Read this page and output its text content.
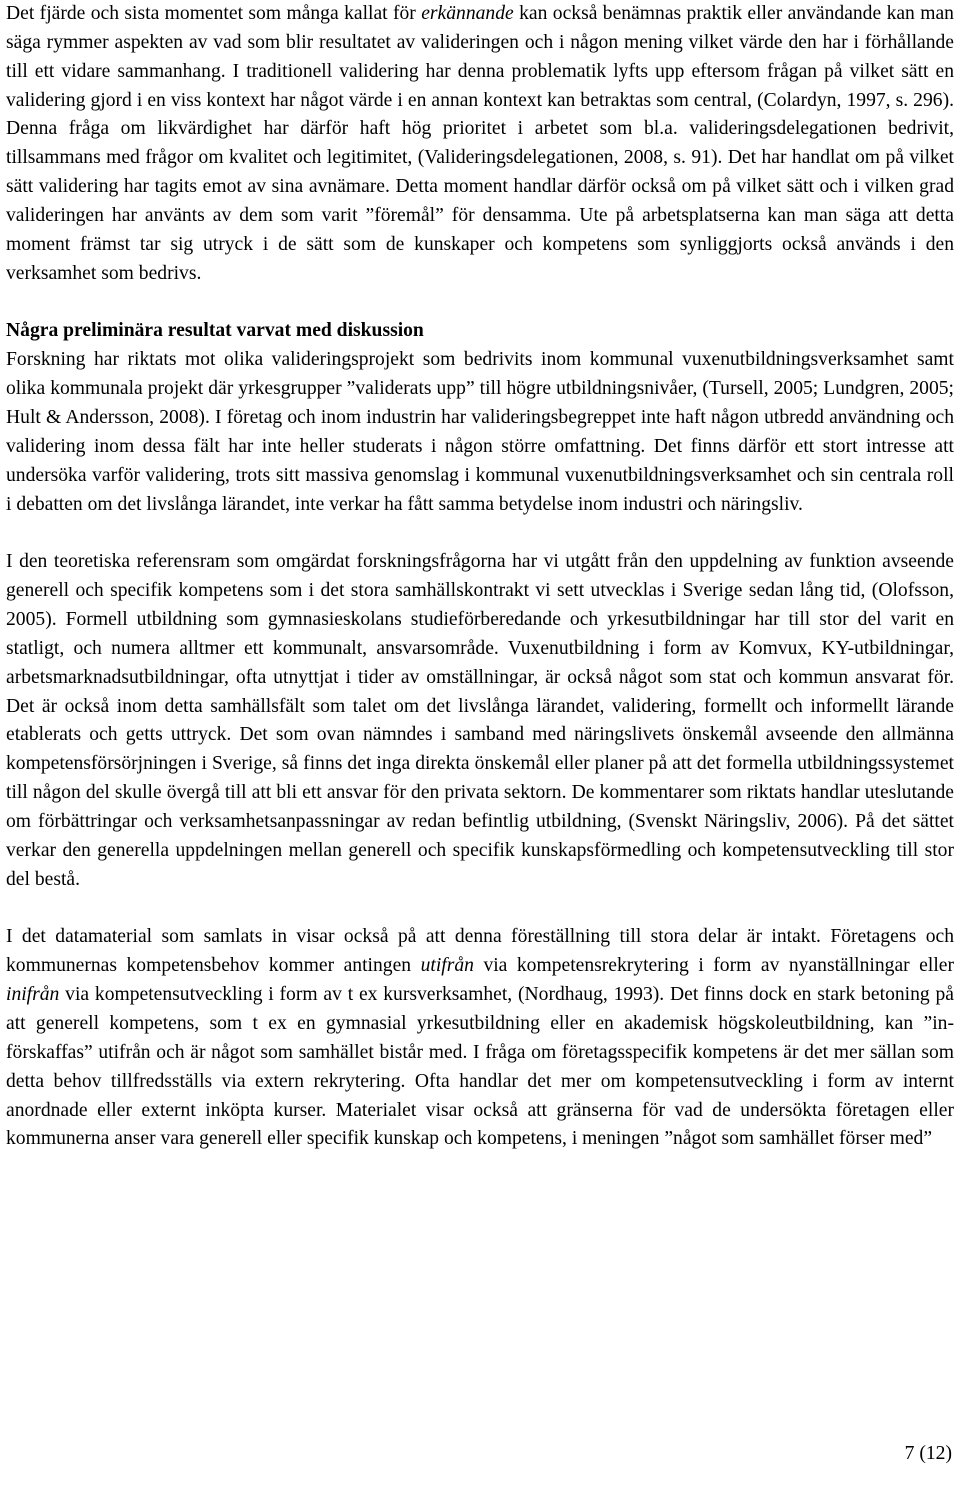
Det fjärde och sista momentet som många kallat för erkännande kan också benämnas praktik eller användande kan man säga rymmer aspekten av vad som blir resultatet av valideringen och i någon mening vilket värde den har i förhållande till ett vidare sammanhang. I traditionell validering har denna problematik lyfts upp eftersom frågan på vilket sätt en validering gjord i en viss kontext har något värde i en annan kontext kan betraktas som central, (Colardyn, 1997, s. 296). Denna fråga om likvärdighet har därför haft hög prioritet i arbetet som bl.a. valideringsdelegationen bedrivit, tillsammans med frågor om kvalitet och legitimitet, (Valideringsdelegationen, 2008, s. 91). Det har handlat om på vilket sätt validering har tagits emot av sina avnämare. Detta moment handlar därför också om på vilket sätt och i vilken grad valideringen har använts av dem som varit ”föremål” för densamma. Ute på arbetsplatserna kan man säga att detta moment främst tar sig utryck i de sätt som de kunskaper och kompetens som synliggjorts också används i den verksamhet som bedrivs.

Några preliminära resultat varvat med diskussion

Forskning har riktats mot olika valideringsprojekt som bedrivits inom kommunal vuxenutbildningsverksamhet samt olika kommunala projekt där yrkesgrupper ”validerats upp” till högre utbildningsnivåer, (Tursell, 2005; Lundgren, 2005; Hult & Andersson, 2008). I företag och inom industrin har valideringsbegreppet inte haft någon utbredd användning och validering inom dessa fält har inte heller studerats i någon större omfattning. Det finns därför ett stort intresse att undersöka varför validering, trots sitt massiva genomslag i kommunal vuxenutbildningsverksamhet och sin centrala roll i debatten om det livslånga lärandet, inte verkar ha fått samma betydelse inom industri och näringsliv.

I den teoretiska referensram som omgärdat forskningsfrågorna har vi utgått från den uppdelning av funktion avseende generell och specifik kompetens som i det stora samhällskontrakt vi sett utvecklas i Sverige sedan lång tid, (Olofsson, 2005). Formell utbildning som gymnasieskolans studieförberedande och yrkesutbildningar har till stor del varit en statligt, och numera alltmer ett kommunalt, ansvarsområde. Vuxenutbildning i form av Komvux, KY-utbildningar, arbetsmarknadsutbildningar, ofta utnyttjat i tider av omställningar, är också något som stat och kommun ansvarat för. Det är också inom detta samhällsfält som talet om det livslånga lärandet, validering, formellt och informellt lärande etablerats och getts uttryck. Det som ovan nämndes i samband med näringslivets önskemål avseende den allmänna kompetensförsörjningen i Sverige, så finns det inga direkta önskemål eller planer på att det formella utbildningssystemet till någon del skulle övergå till att bli ett ansvar för den privata sektorn. De kommentarer som riktats handlar uteslutande om förbättringar och verksamhetsanpassningar av redan befintlig utbildning, (Svenskt Näringsliv, 2006). På det sättet verkar den generella uppdelningen mellan generell och specifik kunskapsförmedling och kompetensutveckling till stor del bestå.

I det datamaterial som samlats in visar också på att denna föreställning till stora delar är intakt. Företagens och kommunernas kompetensbehov kommer antingen utifrån via kompetensrekrytering i form av nyanställningar eller inifrån via kompetensutveckling i form av t ex kursverksamhet, (Nordhaug, 1993). Det finns dock en stark betoning på att generell kompetens, som t ex en gymnasial yrkesutbildning eller en akademisk högskoleutbildning, kan ”införskaffas” utifrån och är något som samhället bistår med. I fråga om företagsspecifik kompetens är det mer sällan som detta behov tillfredsställs via extern rekrytering. Ofta handlar det mer om kompetensutveckling i form av internt anordnade eller externt inköpta kurser. Materialet visar också att gränserna för vad de undersökta företagen eller kommunerna anser vara generell eller specifik kunskap och kompetens, i meningen ”något som samhället förser med”

7 (12)
